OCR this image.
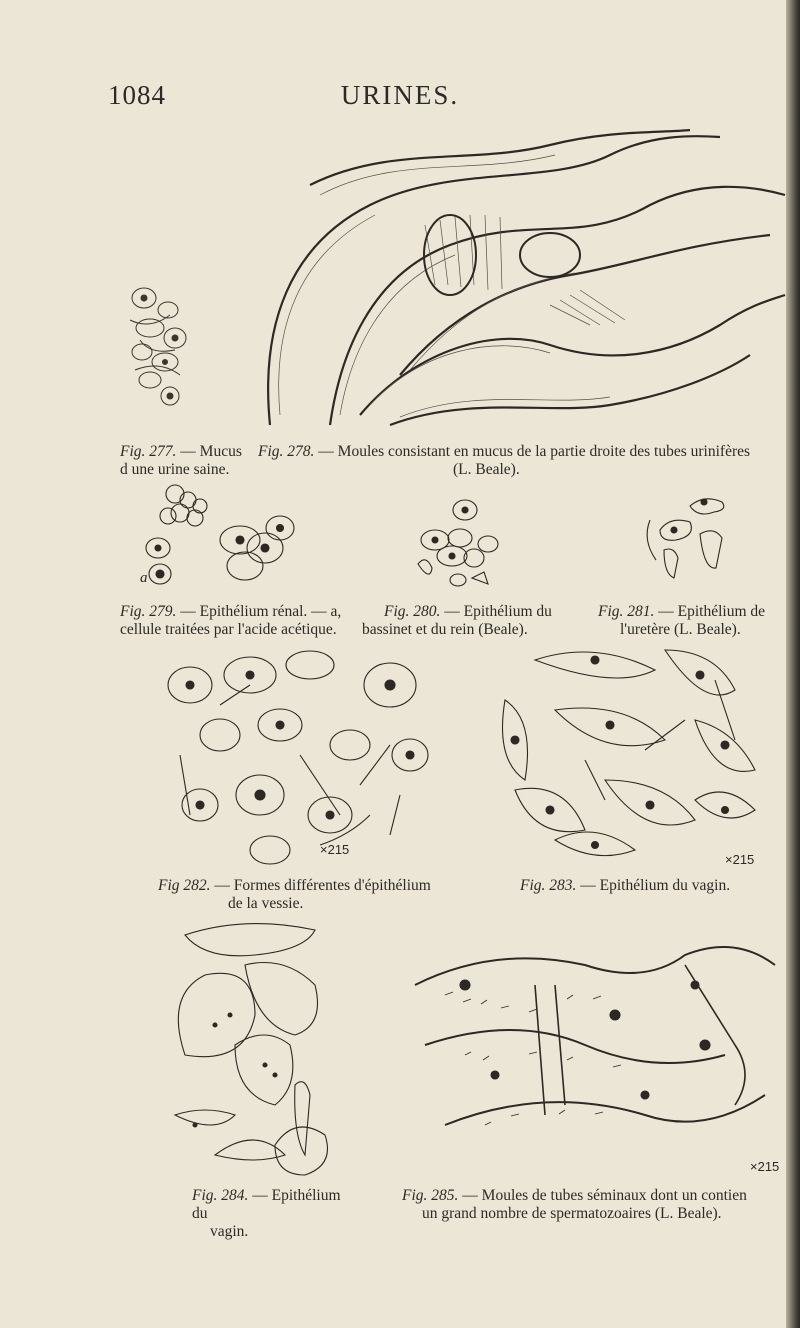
1084	URINES.
Fig. 277. — Mucus
d une urine saine.
Fig. 278. — Moules consistant en mucus de la partie droite des tubes urinifères
(L. Beale).
a
Fig. 279. — Epithélium rénal. — a,
cellule traitées par l'acide acétique.
Fig. 280. — Epithélium du
bassinet et du rein (Beale).
Fig. 281. — Epithélium de
l'uretère (L. Beale).
×215
Fig 282. — Formes différentes d'épithélium
de la vessie.
×215
Fig. 283. — Epithélium du vagin.
Fig. 284. — Epithélium du
vagin.
×215
Fig. 285. — Moules de tubes séminaux dont un contien
un grand nombre de spermatozoaires (L. Beale).
